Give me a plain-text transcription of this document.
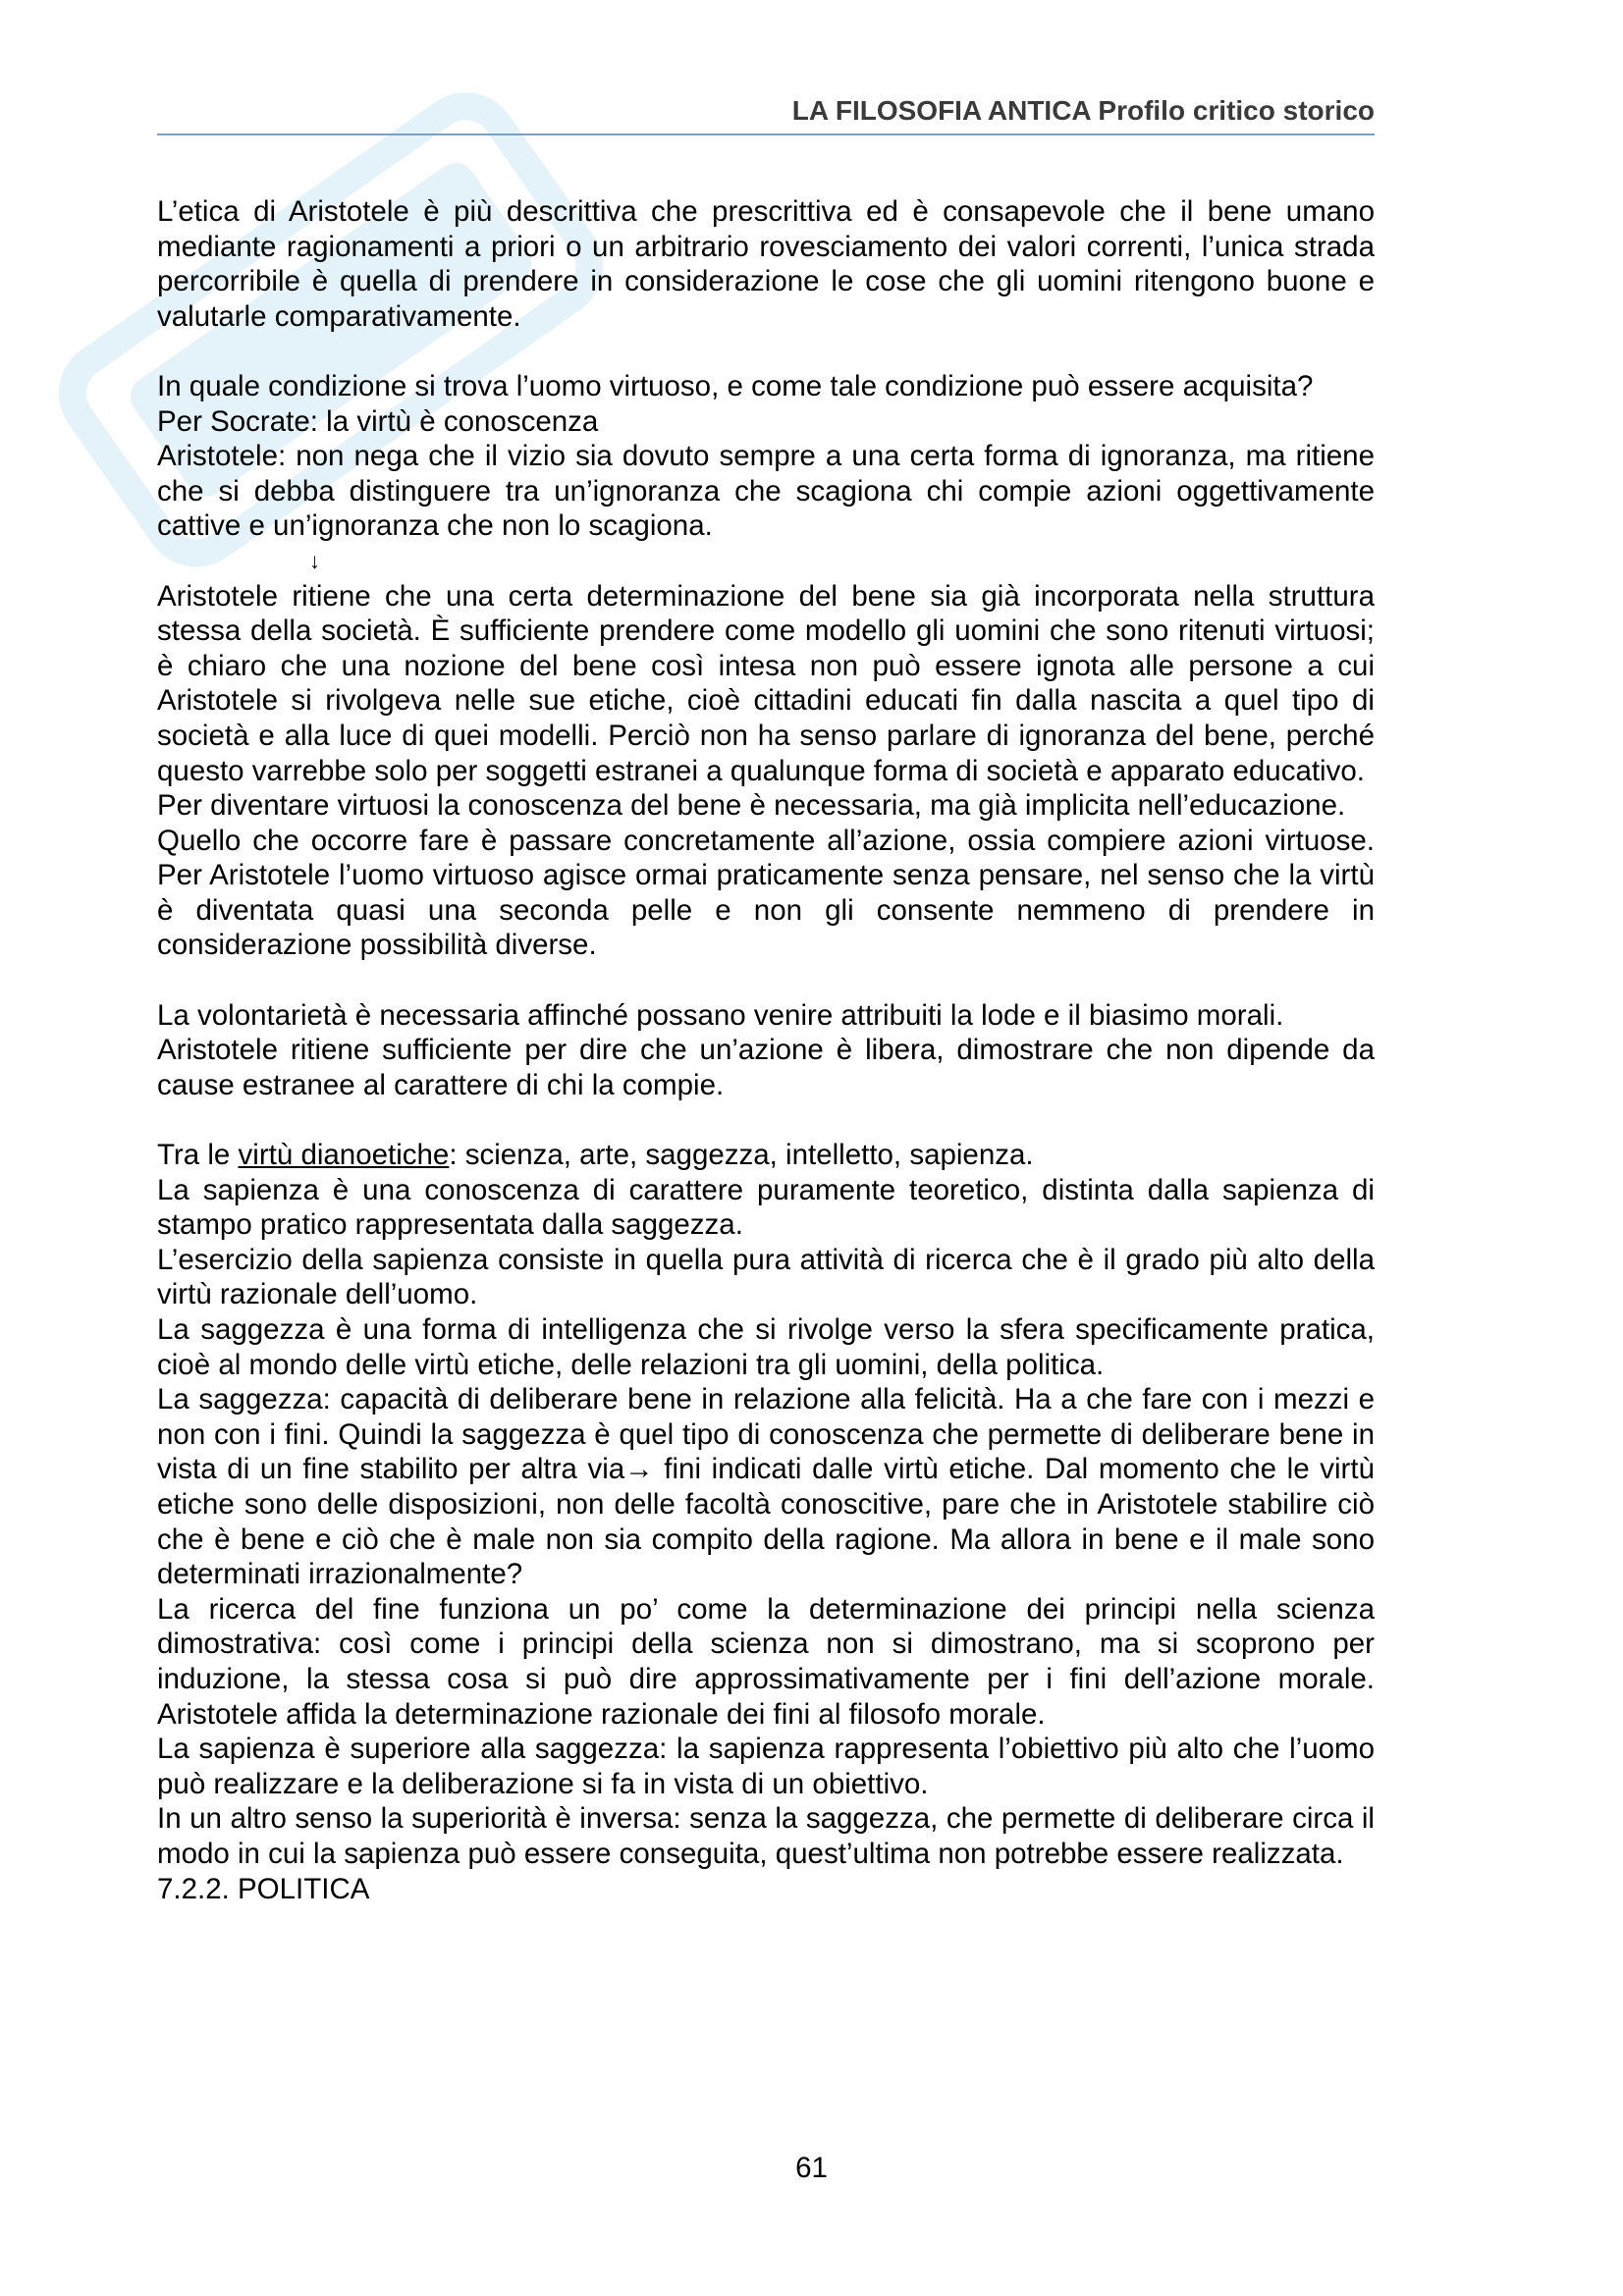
LA FILOSOFIA ANTICA Profilo critico storico

L’etica di Aristotele è più descrittiva che prescrittiva ed è consapevole che il bene umano mediante ragionamenti a priori o un arbitrario rovesciamento dei valori correnti, l’unica strada percorribile è quella di prendere in considerazione le cose che gli uomini ritengono buone e valutarle comparativamente.

In quale condizione si trova l’uomo virtuoso, e come tale condizione può essere acquisita?

Per Socrate: la virtù è conoscenza

Aristotele: non nega che il vizio sia dovuto sempre a una certa forma di ignoranza, ma ritiene che si debba distinguere tra un’ignoranza che scagiona chi compie azioni oggettivamente cattive e un’ignoranza che non lo scagiona.

↓

Aristotele ritiene che una certa determinazione del bene sia già incorporata nella struttura stessa della società. È sufficiente prendere come modello gli uomini che sono ritenuti virtuosi; è chiaro che una nozione del bene così intesa non può essere ignota alle persone a cui Aristotele si rivolgeva nelle sue etiche, cioè cittadini educati fin dalla nascita a quel tipo di società e alla luce di quei modelli. Perciò non ha senso parlare di ignoranza del bene, perché questo varrebbe solo per soggetti estranei a qualunque forma di società e apparato educativo.

Per diventare virtuosi la conoscenza del bene è necessaria, ma già implicita nell’educazione.

Quello che occorre fare è passare concretamente all’azione, ossia compiere azioni virtuose. Per Aristotele l’uomo virtuoso agisce ormai praticamente senza pensare, nel senso che la virtù è diventata quasi una seconda pelle e non gli consente nemmeno di prendere in considerazione possibilità diverse.

La volontarietà è necessaria affinché possano venire attribuiti la lode e il biasimo morali.

Aristotele ritiene sufficiente per dire che un’azione è libera, dimostrare che non dipende da cause estranee al carattere di chi la compie.

Tra le virtù dianoetiche: scienza, arte, saggezza, intelletto, sapienza.

La sapienza è una conoscenza di carattere puramente teoretico, distinta dalla sapienza di stampo pratico rappresentata dalla saggezza.

L’esercizio della sapienza consiste in quella pura attività di ricerca che è il grado più alto della virtù razionale dell’uomo.

La saggezza è una forma di intelligenza che si rivolge verso la sfera specificamente pratica, cioè al mondo delle virtù etiche, delle relazioni tra gli uomini, della politica.

La saggezza: capacità di deliberare bene in relazione alla felicità. Ha a che fare con i mezzi e non con i fini. Quindi la saggezza è quel tipo di conoscenza che permette di deliberare bene in vista di un fine stabilito per altra via→ fini indicati dalle virtù etiche. Dal momento che le virtù etiche sono delle disposizioni, non delle facoltà conoscitive, pare che in Aristotele stabilire ciò che è bene e ciò che è male non sia compito della ragione. Ma allora in bene e il male sono determinati irrazionalmente?

La ricerca del fine funziona un po’ come la determinazione dei principi nella scienza dimostrativa: così come i principi della scienza non si dimostrano, ma si scoprono per induzione, la stessa cosa si può dire approssimativamente per i fini dell’azione morale. Aristotele affida la determinazione razionale dei fini al filosofo morale.

La sapienza è superiore alla saggezza: la sapienza rappresenta l’obiettivo più alto che l’uomo può realizzare e la deliberazione si fa in vista di un obiettivo.

In un altro senso la superiorità è inversa: senza la saggezza, che permette di deliberare circa il modo in cui la sapienza può essere conseguita, quest’ultima non potrebbe essere realizzata.

7.2.2. POLITICA

61
